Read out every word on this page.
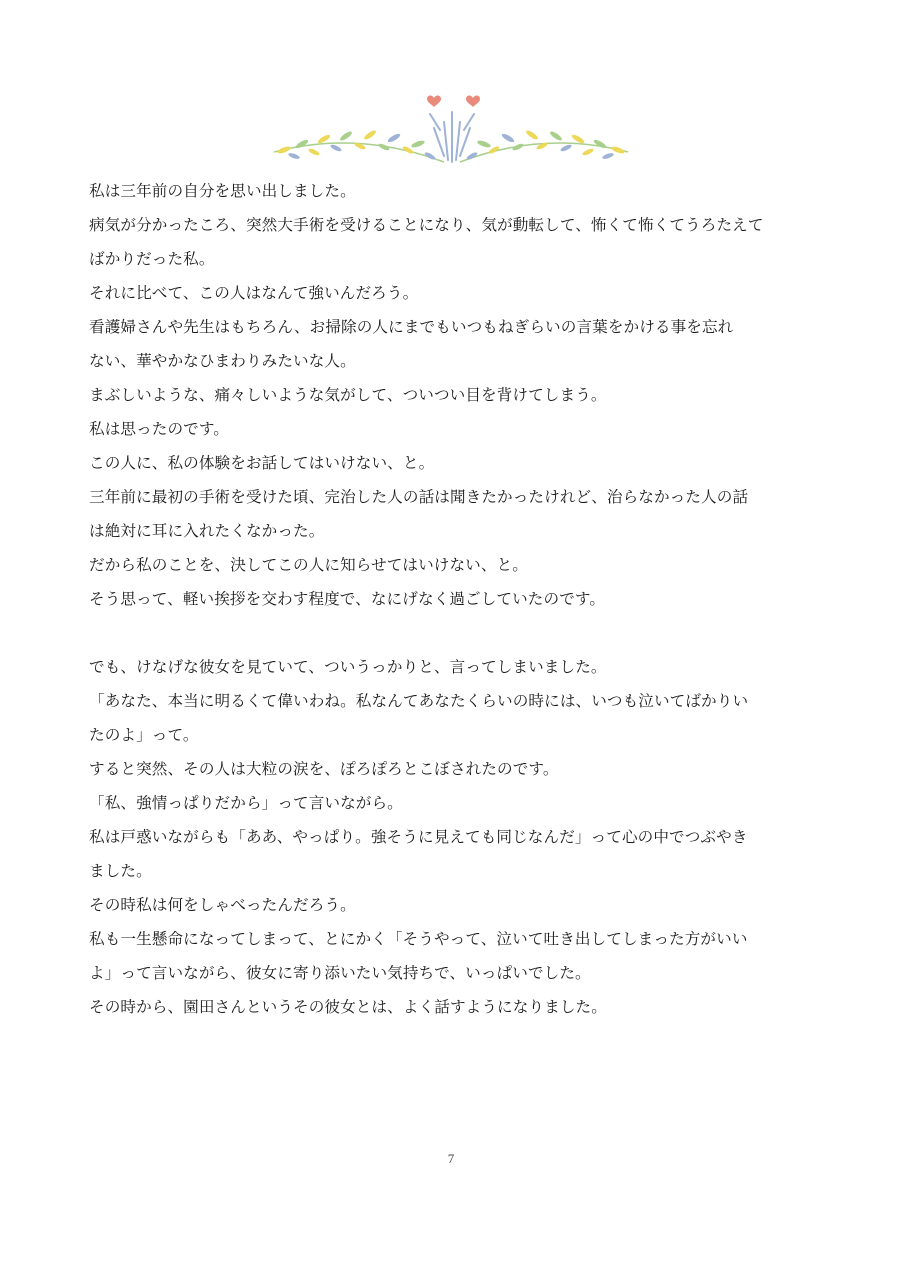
私は三年前の自分を思い出しました。
病気が分かったころ、突然大手術を受けることになり、気が動転して、怖くて怖くてうろたえて
ばかりだった私。
それに比べて、この人はなんて強いんだろう。
看護婦さんや先生はもちろん、お掃除の人にまでもいつもねぎらいの言葉をかける事を忘れ
ない、華やかなひまわりみたいな人。
まぶしいような、痛々しいような気がして、ついつい目を背けてしまう。
私は思ったのです。
この人に、私の体験をお話してはいけない、と。
三年前に最初の手術を受けた頃、完治した人の話は聞きたかったけれど、治らなかった人の話
は絶対に耳に入れたくなかった。
だから私のことを、決してこの人に知らせてはいけない、と。
そう思って、軽い挨拶を交わす程度で、なにげなく過ごしていたのです。
でも、けなげな彼女を見ていて、ついうっかりと、言ってしまいました。
「あなた、本当に明るくて偉いわね。私なんてあなたくらいの時には、いつも泣いてばかりい
たのよ」って。
すると突然、その人は大粒の涙を、ぽろぽろとこぼされたのです。
「私、強情っぱりだから」って言いながら。
私は戸惑いながらも「ああ、やっぱり。強そうに見えても同じなんだ」って心の中でつぶやき
ました。
その時私は何をしゃべったんだろう。
私も一生懸命になってしまって、とにかく「そうやって、泣いて吐き出してしまった方がいい
よ」って言いながら、彼女に寄り添いたい気持ちで、いっぱいでした。
その時から、園田さんというその彼女とは、よく話すようになりました。
7
